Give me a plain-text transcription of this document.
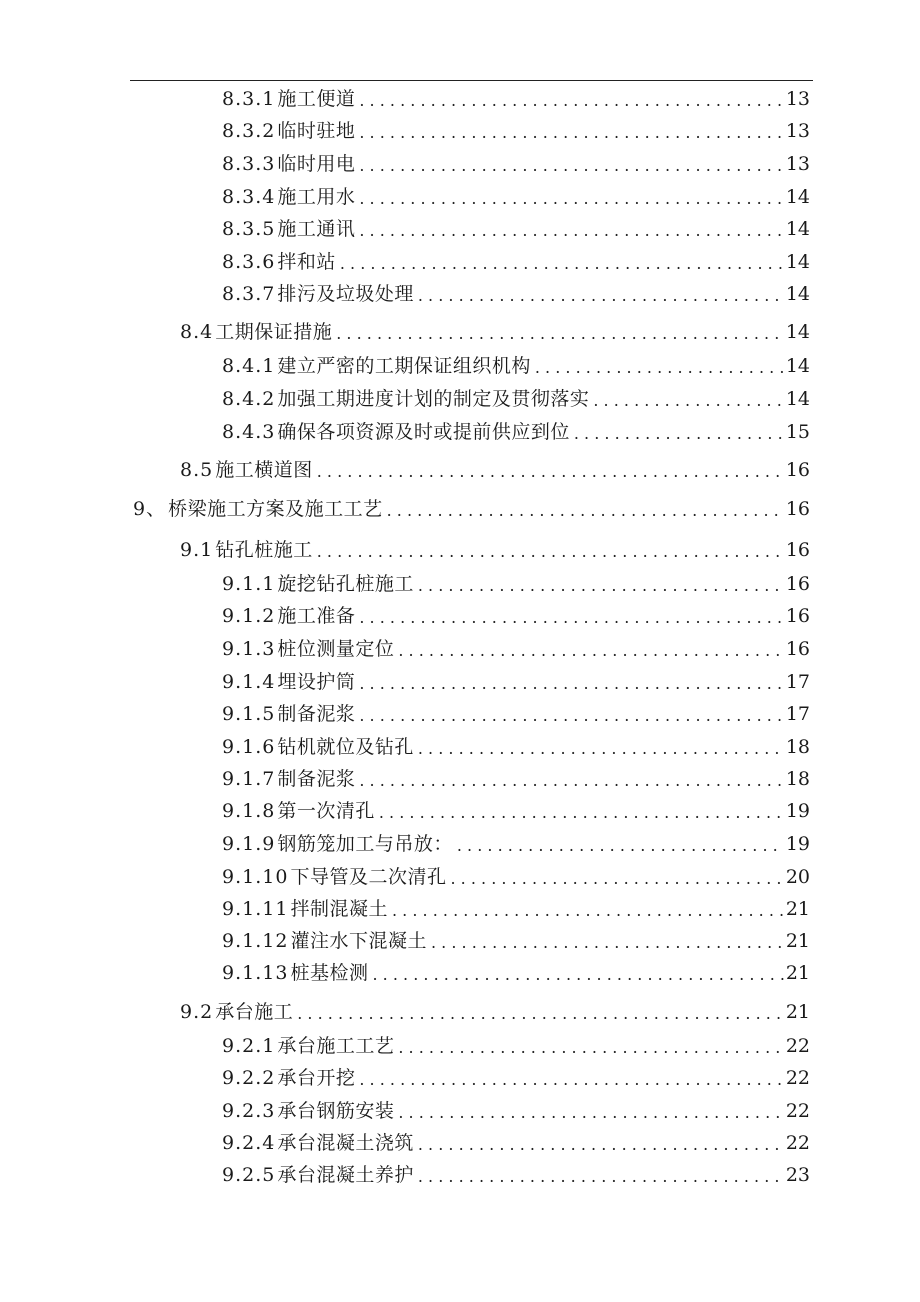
8.3.1 施工便道 .....	13
8.3.2 临时驻地 .....	13
8.3.3 临时用电 .....	13
8.3.4 施工用水 .....	14
8.3.5 施工通讯 .....	14
8.3.6 拌和站 .....	14
8.3.7 排污及垃圾处理 .....	14
8.4 工期保证措施 .....	14
8.4.1 建立严密的工期保证组织机构 .....	14
8.4.2 加强工期进度计划的制定及贯彻落实 .....	14
8.4.3 确保各项资源及时或提前供应到位 .....	15
8.5 施工横道图 .....	16
9、 桥梁施工方案及施工工艺 .....	16
9.1 钻孔桩施工 .....	16
9.1.1 旋挖钻孔桩施工 .....	16
9.1.2 施工准备 .....	16
9.1.3 桩位测量定位 .....	16
9.1.4 埋设护筒 .....	17
9.1.5 制备泥浆 .....	17
9.1.6 钻机就位及钻孔 .....	18
9.1.7 制备泥浆 .....	18
9.1.8 第一次清孔 .....	19
9.1.9 钢筋笼加工与吊放： .....	19
9.1.10 下导管及二次清孔 .....	20
9.1.11 拌制混凝土 .....	21
9.1.12 灌注水下混凝土 .....	21
9.1.13 桩基检测 .....	21
9.2 承台施工 .....	21
9.2.1 承台施工工艺 .....	22
9.2.2 承台开挖 .....	22
9.2.3 承台钢筋安装 .....	22
9.2.4 承台混凝土浇筑 .....	22
9.2.5 承台混凝土养护 .....	23
